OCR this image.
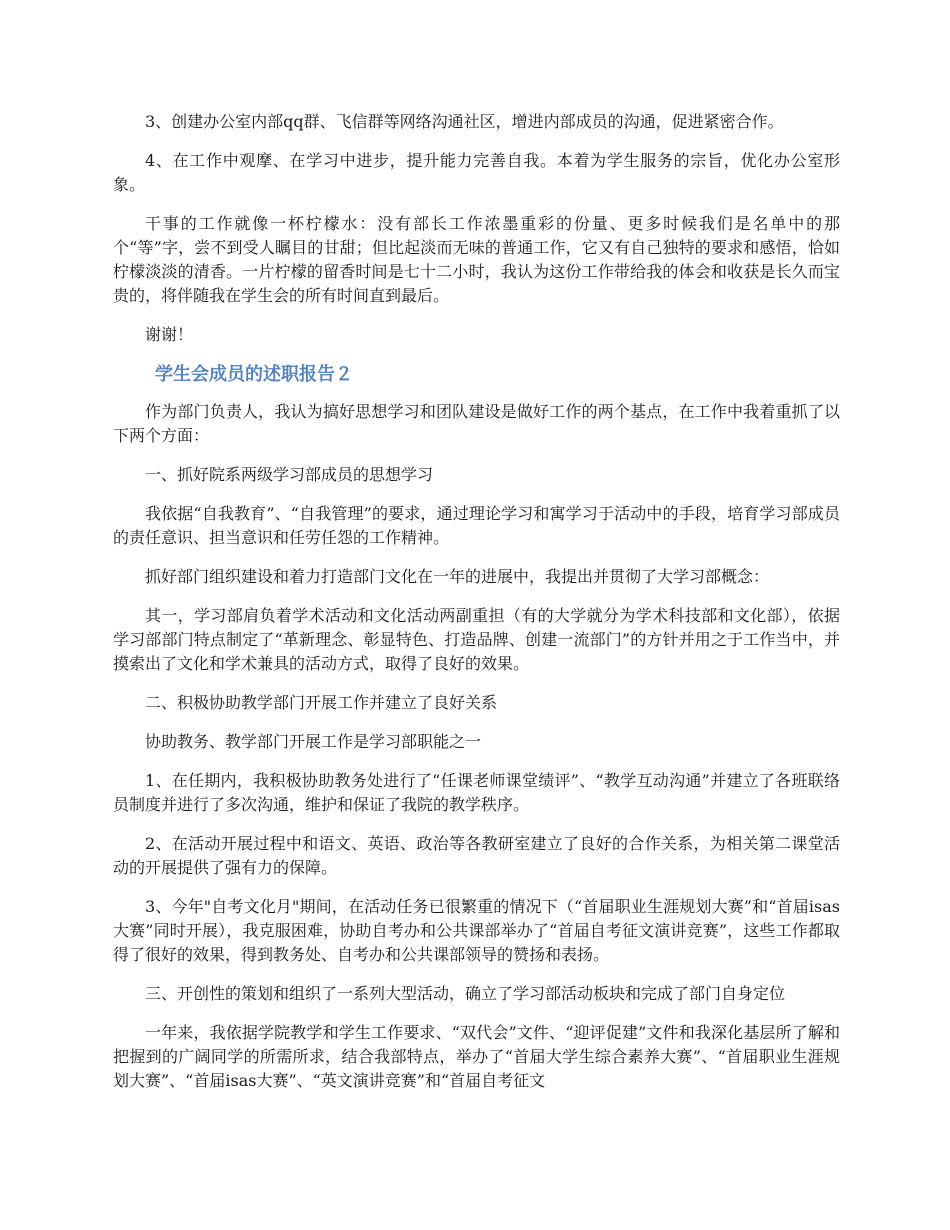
3、创建办公室内部qq群、飞信群等网络沟通社区，增进内部成员的沟通，促进紧密合作。

4、在工作中观摩、在学习中进步，提升能力完善自我。本着为学生服务的宗旨，优化办公室形象。

干事的工作就像一杯柠檬水：没有部长工作浓墨重彩的份量、更多时候我们是名单中的那个“等”字，尝不到受人瞩目的甘甜；但比起淡而无味的普通工作，它又有自己独特的要求和感悟，恰如柠檬淡淡的清香。一片柠檬的留香时间是七十二小时，我认为这份工作带给我的体会和收获是长久而宝贵的，将伴随我在学生会的所有时间直到最后。

谢谢！

学生会成员的述职报告２

作为部门负责人，我认为搞好思想学习和团队建设是做好工作的两个基点，在工作中我着重抓了以下两个方面：

一、抓好院系两级学习部成员的思想学习

我依据“自我教育”、“自我管理”的要求，通过理论学习和寓学习于活动中的手段，培育学习部成员的责任意识、担当意识和任劳任怨的工作精神。

抓好部门组织建设和着力打造部门文化在一年的进展中，我提出并贯彻了大学习部概念：

其一，学习部肩负着学术活动和文化活动两副重担（有的大学就分为学术科技部和文化部），依据学习部部门特点制定了“革新理念、彰显特色、打造品牌、创建一流部门”的方针并用之于工作当中，并摸索出了文化和学术兼具的活动方式，取得了良好的效果。

二、积极协助教学部门开展工作并建立了良好关系

协助教务、教学部门开展工作是学习部职能之一

1、在任期内，我积极协助教务处进行了“任课老师课堂绩评”、“教学互动沟通”并建立了各班联络员制度并进行了多次沟通，维护和保证了我院的教学秩序。

2、在活动开展过程中和语文、英语、政治等各教研室建立了良好的合作关系，为相关第二课堂活动的开展提供了强有力的保障。

3、今年"自考文化月"期间，在活动任务已很繁重的情况下（“首届职业生涯规划大赛”和“首届isas大赛”同时开展），我克服困难，协助自考办和公共课部举办了“首届自考征文演讲竞赛”，这些工作都取得了很好的效果，得到教务处、自考办和公共课部领导的赞扬和表扬。

三、开创性的策划和组织了一系列大型活动，确立了学习部活动板块和完成了部门自身定位

一年来，我依据学院教学和学生工作要求、“双代会”文件、“迎评促建”文件和我深化基层所了解和把握到的广阔同学的所需所求，结合我部特点，举办了“首届大学生综合素养大赛”、“首届职业生涯规划大赛”、“首届isas大赛”、“英文演讲竞赛”和“首届自考征文
